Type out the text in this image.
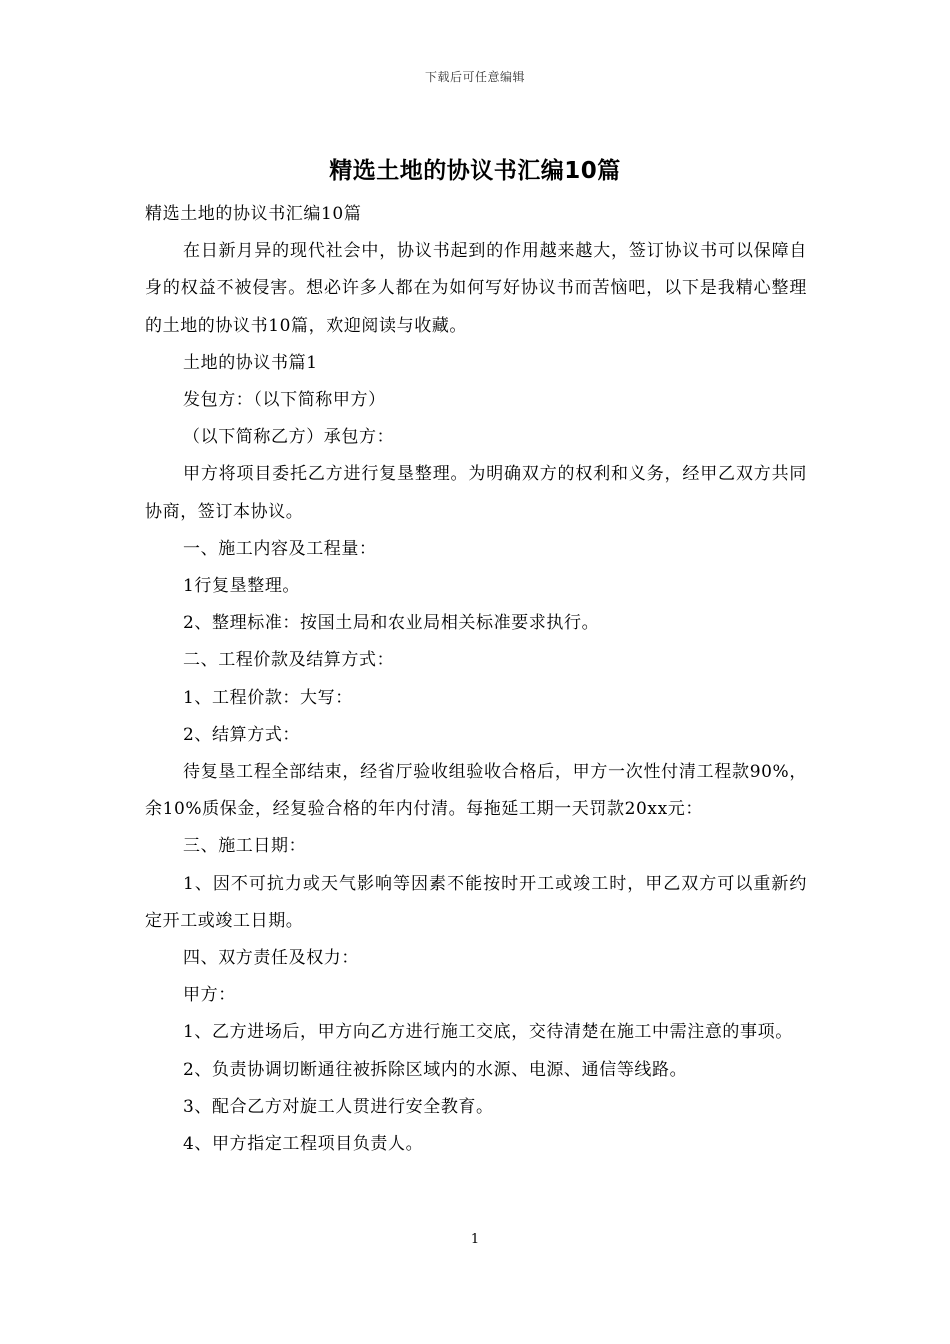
下载后可任意编辑
精选土地的协议书汇编10篇

精选土地的协议书汇编10篇

在日新月异的现代社会中，协议书起到的作用越来越大，签订协议书可以保障自身的权益不被侵害。想必许多人都在为如何写好协议书而苦恼吧，以下是我精心整理的土地的协议书10篇，欢迎阅读与收藏。

土地的协议书篇1

发包方：（以下简称甲方）

（以下简称乙方）承包方：

甲方将项目委托乙方进行复垦整理。为明确双方的权利和义务，经甲乙双方共同协商，签订本协议。

一、施工内容及工程量：

1行复垦整理。

2、整理标准：按国土局和农业局相关标准要求执行。

二、工程价款及结算方式：

1、工程价款：大写：

2、结算方式：

待复垦工程全部结束，经省厅验收组验收合格后，甲方一次性付清工程款90%，余10%质保金，经复验合格的年内付清。每拖延工期一天罚款20xx元：

三、施工日期：

1、因不可抗力或天气影响等因素不能按时开工或竣工时，甲乙双方可以重新约定开工或竣工日期。

四、双方责任及权力：

甲方：

1、乙方进场后，甲方向乙方进行施工交底，交待清楚在施工中需注意的事项。

2、负责协调切断通往被拆除区域内的水源、电源、通信等线路。

3、配合乙方对旋工人贯进行安全教育。

4、甲方指定工程项目负责人。

1
